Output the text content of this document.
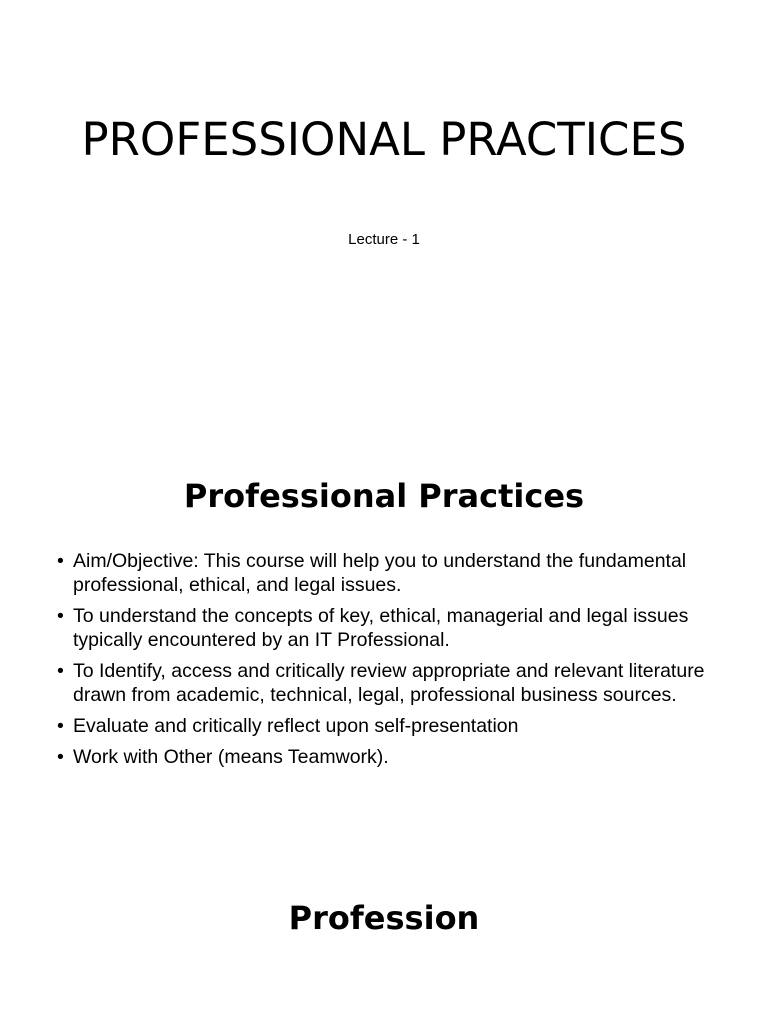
PROFESSIONAL PRACTICES
Lecture - 1
Professional Practices
• Aim/Objective: This course will help you to understand the fundamental professional, ethical, and legal issues.
• To understand the concepts of key, ethical, managerial and legal issues typically encountered by an IT Professional.
• To Identify, access and critically review appropriate and relevant literature drawn from academic, technical, legal, professional business sources.
• Evaluate and critically reflect upon self-presentation
• Work with Other (means Teamwork).
Profession
